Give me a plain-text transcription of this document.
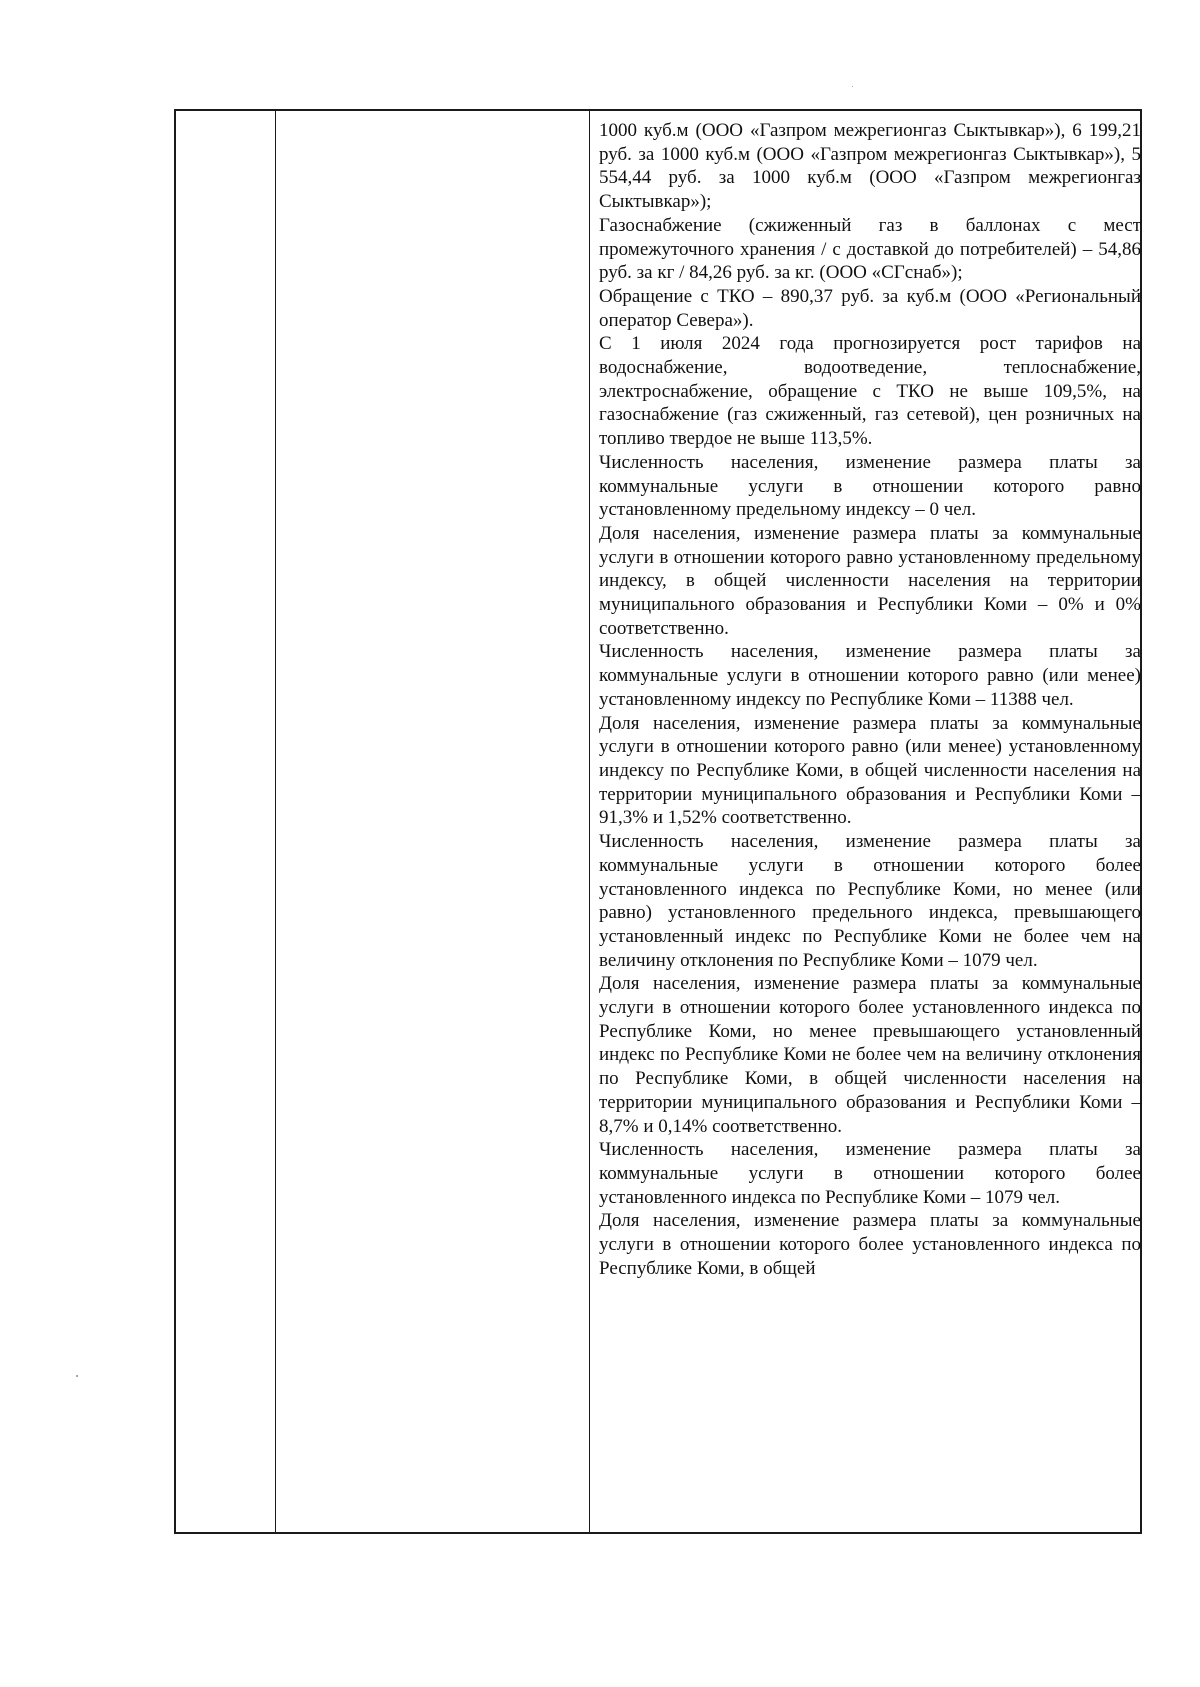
1000 куб.м (ООО «Газпром межрегионгаз Сыктывкар»), 6 199,21 руб. за 1000 куб.м (ООО «Газпром межрегионгаз Сыктывкар»), 5 554,44 руб. за 1000 куб.м (ООО «Газпром межрегионгаз Сыктывкар»);

Газоснабжение (сжиженный газ в баллонах с мест промежуточного хранения / с доставкой до потребителей) – 54,86 руб. за кг / 84,26 руб. за кг. (ООО «СГснаб»);

Обращение с ТКО – 890,37 руб. за куб.м (ООО «Региональный оператор Севера»).

С 1 июля 2024 года прогнозируется рост тарифов на водоснабжение, водоотведение, теплоснабжение, электроснабжение, обращение с ТКО не выше 109,5%, на газоснабжение (газ сжиженный, газ сетевой), цен розничных на топливо твердое не выше 113,5%.

Численность населения, изменение размера платы за коммунальные услуги в отношении которого равно установленному предельному индексу – 0 чел.

Доля населения, изменение размера платы за коммунальные услуги в отношении которого равно установленному предельному индексу, в общей численности населения на территории муниципального образования и Республики Коми – 0% и 0% соответственно.

Численность населения, изменение размера платы за коммунальные услуги в отношении которого равно (или менее) установленному индексу по Республике Коми – 11388 чел.

Доля населения, изменение размера платы за коммунальные услуги в отношении которого равно (или менее) установленному индексу по Республике Коми, в общей численности населения на территории муниципального образования и Республики Коми – 91,3% и 1,52% соответственно.

Численность населения, изменение размера платы за коммунальные услуги в отношении которого более установленного индекса по Республике Коми, но менее (или равно) установленного предельного индекса, превышающего установленный индекс по Республике Коми не более чем на величину отклонения по Республике Коми – 1079 чел.

Доля населения, изменение размера платы за коммунальные услуги в отношении которого более установленного индекса по Республике Коми, но менее превышающего установленный индекс по Республике Коми не более чем на величину отклонения по Республике Коми, в общей численности населения на территории муниципального образования и Республики Коми – 8,7% и 0,14% соответственно.

Численность населения, изменение размера платы за коммунальные услуги в отношении которого более установленного индекса по Республике Коми – 1079 чел.

Доля населения, изменение размера платы за коммунальные услуги в отношении которого более установленного индекса по Республике Коми, в общей
